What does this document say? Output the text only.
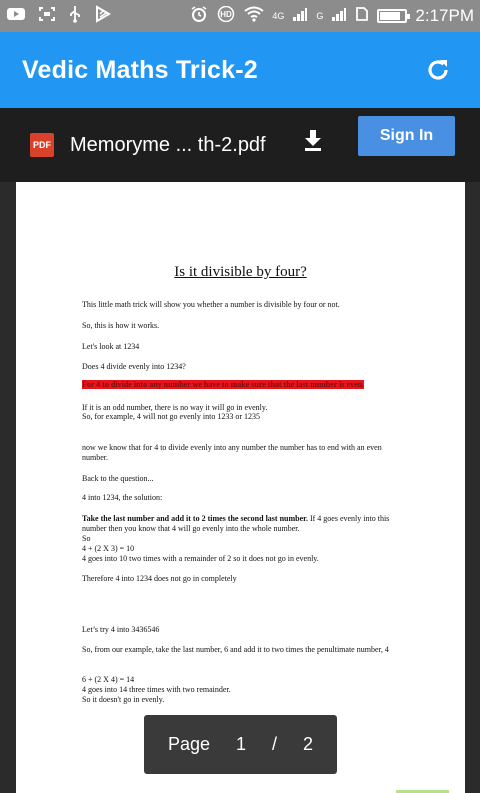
HD	4G	G	2:17PM
Vedic Maths Trick-2
PDF Memoryme ... th-2.pdf	Sign In
Is it divisible by four?
This little math trick will show you whether a number is divisible by four or not.
So, this is how it works.
Let's look at 1234
Does 4 divide evenly into 1234?
For 4 to divide into any number we have to make sure that the last number is even.
If it is an odd number, there is no way it will go in evenly.
So, for example, 4 will not go evenly into 1233 or 1235
now we know that for 4 to divide evenly into any number the number has to end with an even number.
Back to the question...
4 into 1234, the solution:
Take the last number and add it to 2 times the second last number. If 4 goes evenly into this number then you know that 4 will go evenly into the whole number.
So
4 + (2 X 3) = 10
4 goes into 10 two times with a remainder of 2 so it does not go in evenly.
Therefore 4 into 1234 does not go in completely
Let’s try 4 into 3436546
So, from our example, take the last number, 6 and add it to two times the penultimate number, 4
6 + (2 X 4) = 14
4 goes into 14 three times with two remainder.
So it doesn't go in evenly.
Page 1 / 2
